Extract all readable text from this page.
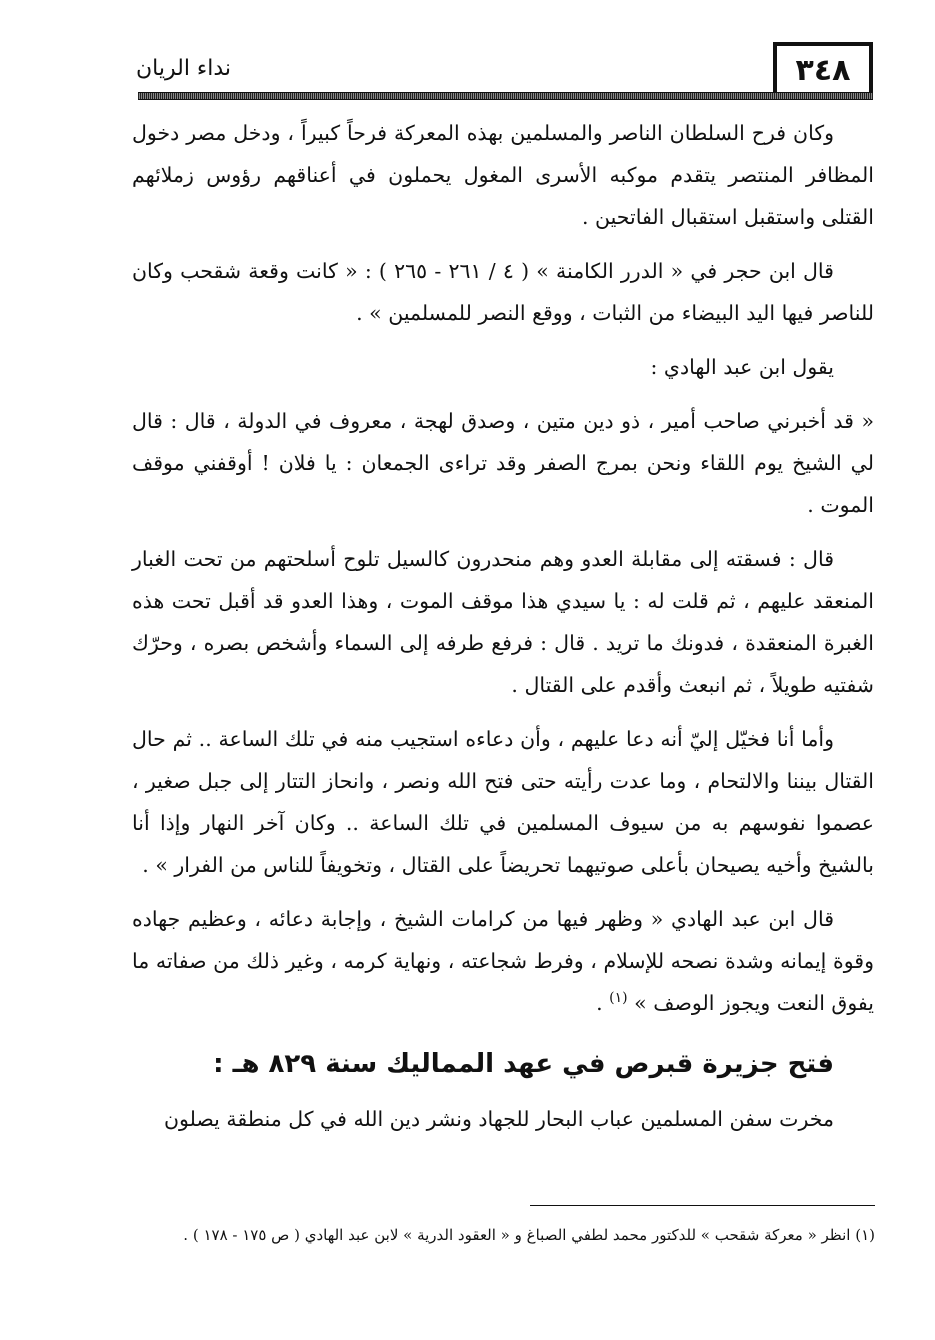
٣٤٨
نداء الريان

وكان فرح السلطان الناصر والمسلمين بهذه المعركة فرحاً كبيراً ، ودخل مصر دخول المظافر المنتصر يتقدم موكبه الأسرى المغول يحملون في أعناقهم رؤوس زملائهم القتلى واستقبل استقبال الفاتحين .

قال ابن حجر في « الدرر الكامنة » ( ٤ / ٢٦١ - ٢٦٥ ) : « كانت وقعة شقحب وكان للناصر فيها اليد البيضاء من الثبات ، ووقع النصر للمسلمين » .

يقول ابن عبد الهادي :

« قد أخبرني صاحب أمير ، ذو دين متين ، وصدق لهجة ، معروف في الدولة ، قال : قال لي الشيخ يوم اللقاء ونحن بمرج الصفر وقد تراءى الجمعان : يا فلان ! أوقفني موقف الموت .

قال : فسقته إلى مقابلة العدو وهم منحدرون كالسيل تلوح أسلحتهم من تحت الغبار المنعقد عليهم ، ثم قلت له : يا سيدي هذا موقف الموت ، وهذا العدو قد أقبل تحت هذه الغبرة المنعقدة ، فدونك ما تريد . قال : فرفع طرفه إلى السماء وأشخص بصره ، وحرّك شفتيه طويلاً ، ثم انبعث وأقدم على القتال .

وأما أنا فخيّل إليّ أنه دعا عليهم ، وأن دعاءه استجيب منه في تلك الساعة .. ثم حال القتال بيننا والالتحام ، وما عدت رأيته حتى فتح الله ونصر ، وانحاز التتار إلى جبل صغير ، عصموا نفوسهم به من سيوف المسلمين في تلك الساعة .. وكان آخر النهار وإذا أنا بالشيخ وأخيه يصيحان بأعلى صوتيهما تحريضاً على القتال ، وتخويفاً للناس من الفرار » .

قال ابن عبد الهادي « وظهر فيها من كرامات الشيخ ، وإجابة دعائه ، وعظيم جهاده وقوة إيمانه وشدة نصحه للإسلام ، وفرط شجاعته ، ونهاية كرمه ، وغير ذلك من صفاته ما يفوق النعت ويجوز الوصف » $^{(١)}$ .

فتح جزيرة قبرص في عهد المماليك سنة ٨٢٩ هـ :

مخرت سفن المسلمين عباب البحار للجهاد ونشر دين الله في كل منطقة يصلون

(١) انظر « معركة شقحب » للدكتور محمد لطفي الصباغ و « العقود الدرية » لابن عبد الهادي ( ص ١٧٥ - ١٧٨ ) .
